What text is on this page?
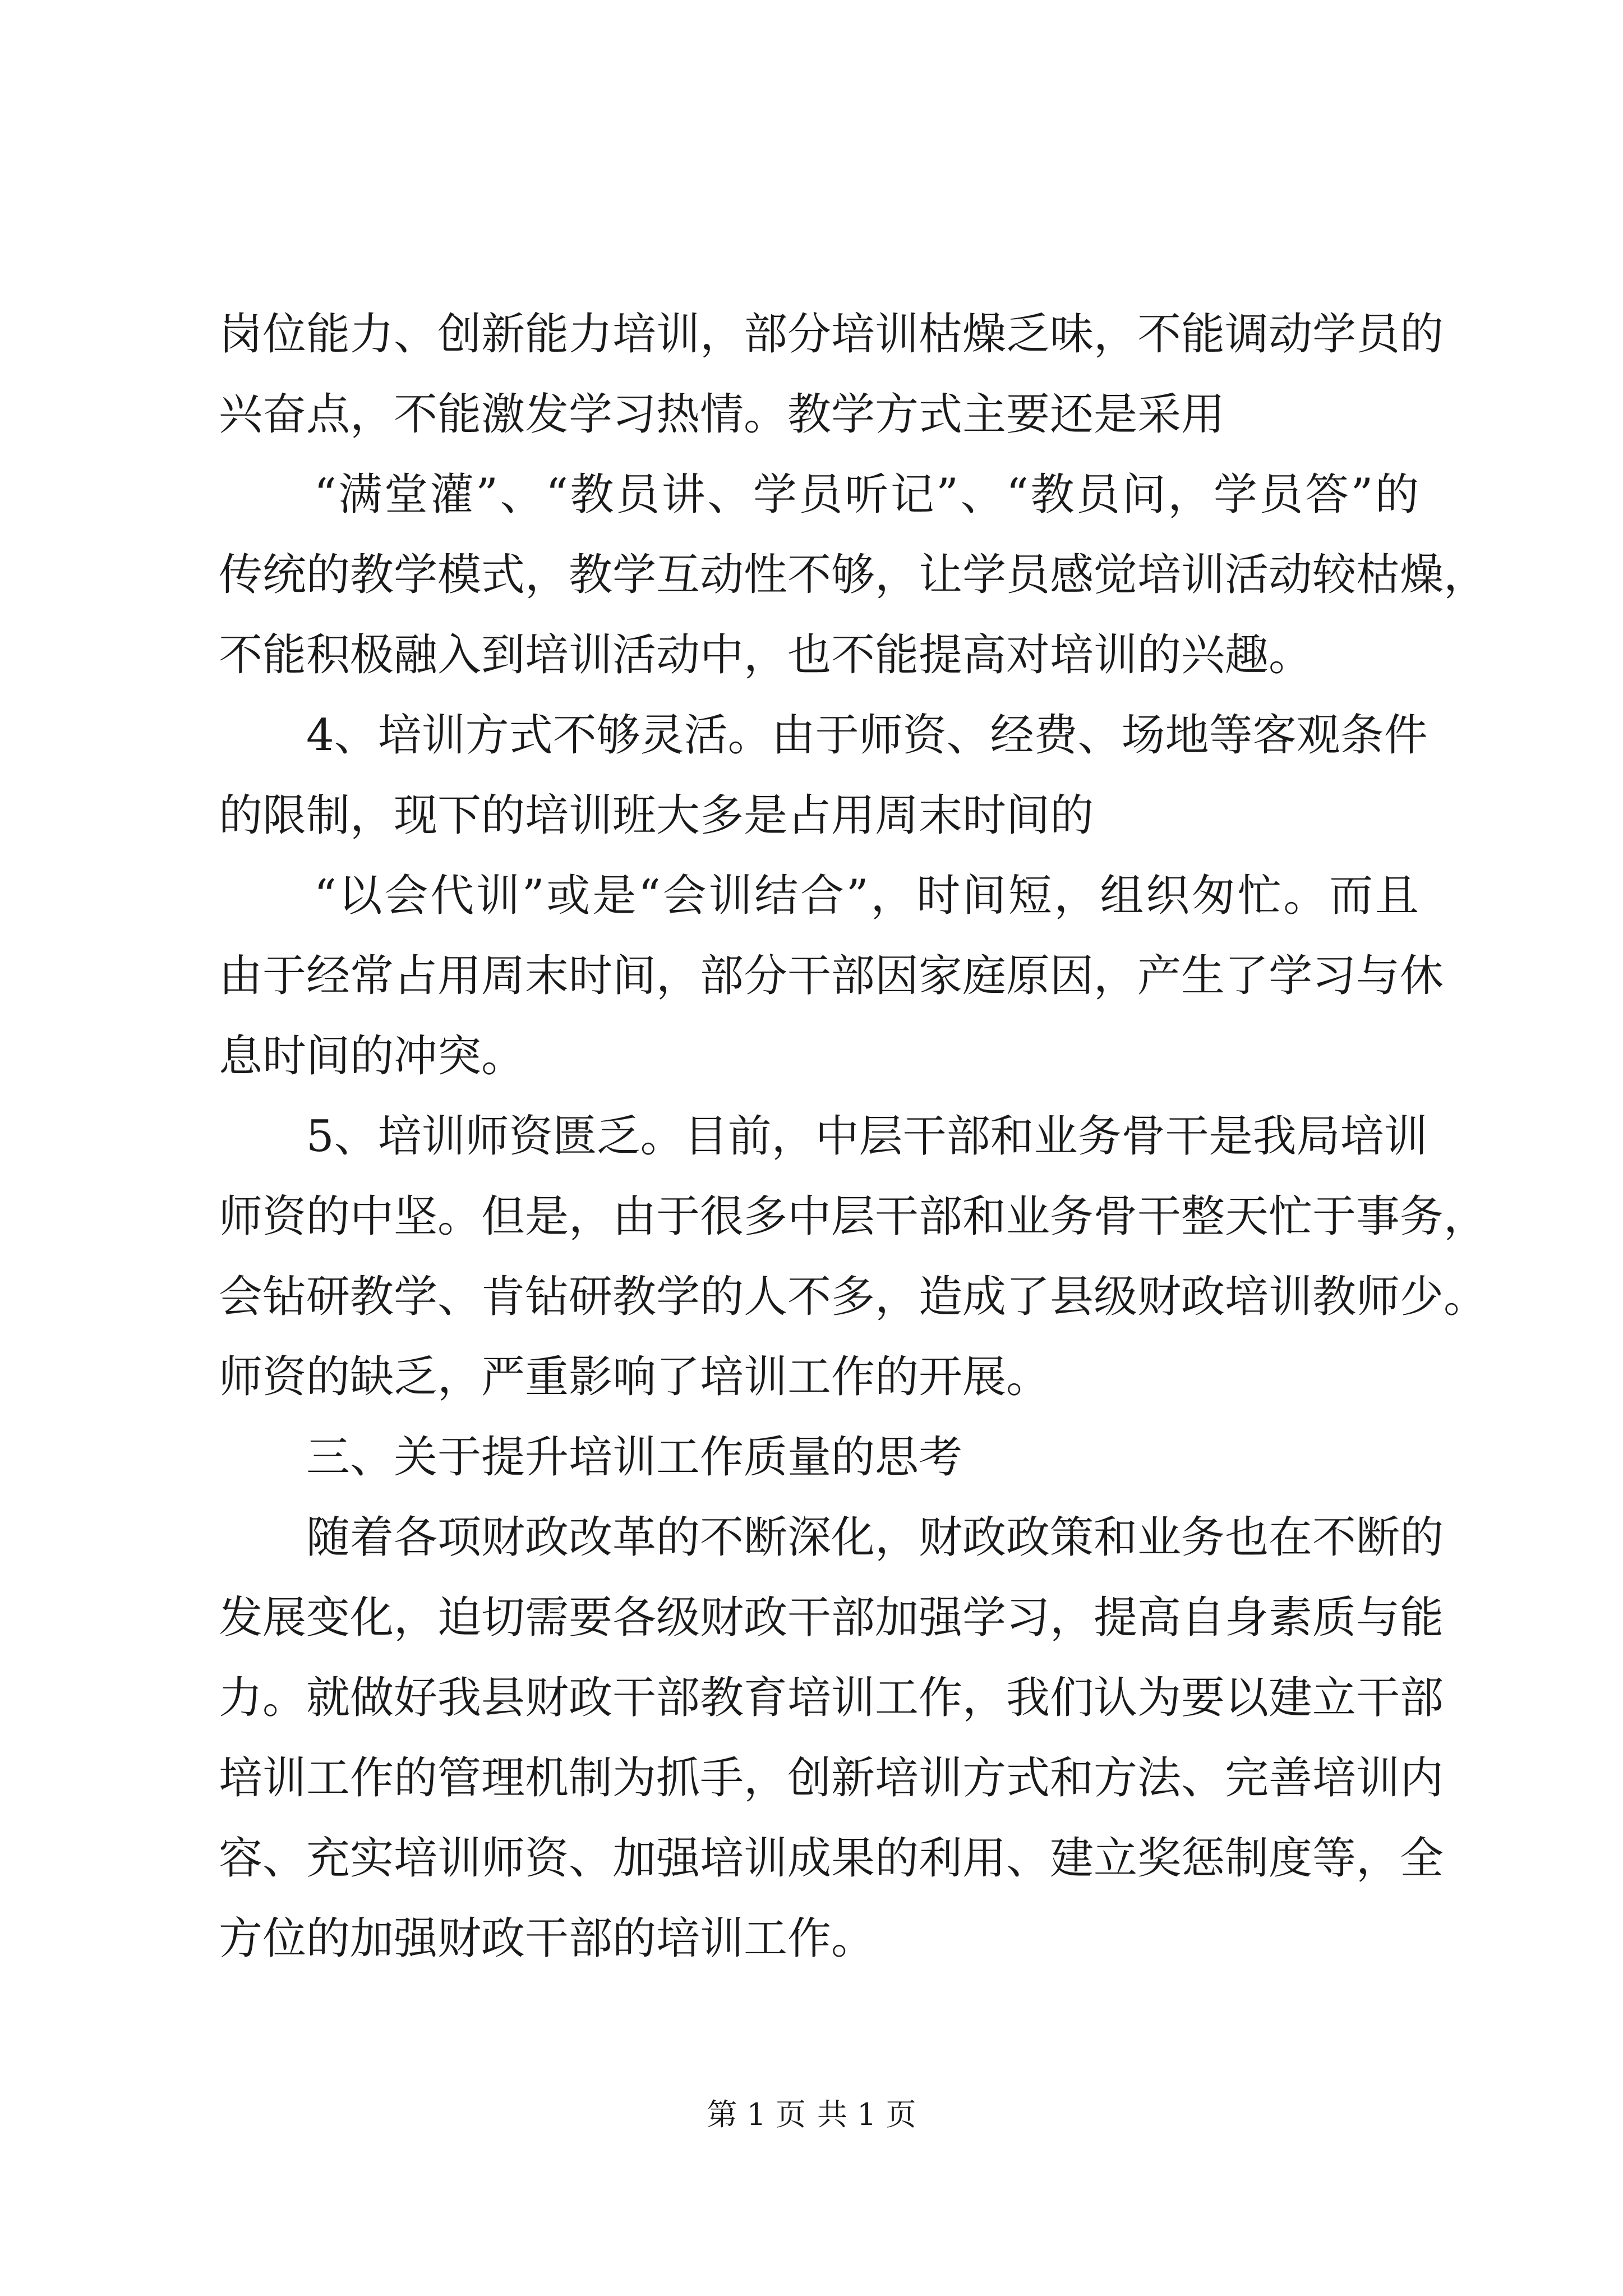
岗位能力、创新能力培训，部分培训枯燥乏味，不能调动学员的
兴奋点，不能激发学习热情。教学方式主要还是采用
“满堂灌”、“教员讲、学员听记”、“教员问，学员答”的
传统的教学模式，教学互动性不够，让学员感觉培训活动较枯燥，
不能积极融入到培训活动中，也不能提高对培训的兴趣。
4、培训方式不够灵活。由于师资、经费、场地等客观条件
的限制，现下的培训班大多是占用周末时间的
“以会代训”或是“会训结合”，时间短，组织匆忙。而且
由于经常占用周末时间，部分干部因家庭原因，产生了学习与休
息时间的冲突。
5、培训师资匮乏。目前，中层干部和业务骨干是我局培训
师资的中坚。但是，由于很多中层干部和业务骨干整天忙于事务，
会钻研教学、肯钻研教学的人不多，造成了县级财政培训教师少。
师资的缺乏，严重影响了培训工作的开展。
三、关于提升培训工作质量的思考
随着各项财政改革的不断深化，财政政策和业务也在不断的
发展变化，迫切需要各级财政干部加强学习，提高自身素质与能
力。就做好我县财政干部教育培训工作，我们认为要以建立干部
培训工作的管理机制为抓手，创新培训方式和方法、完善培训内
容、充实培训师资、加强培训成果的利用、建立奖惩制度等，全
方位的加强财政干部的培训工作。
第 1 页 共 1 页
